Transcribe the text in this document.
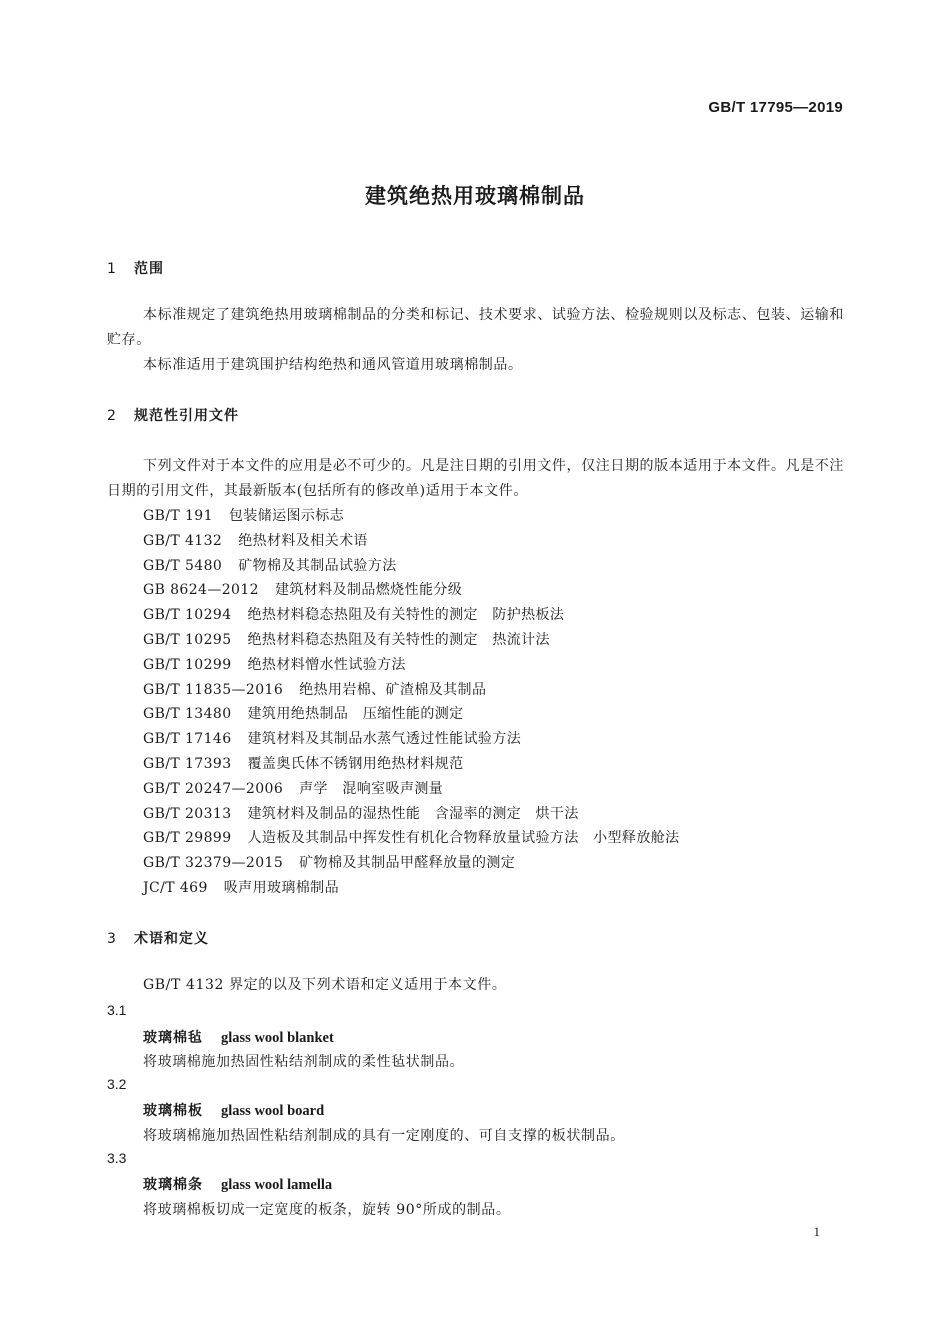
GB/T 17795—2019
建筑绝热用玻璃棉制品
1 范围
本标准规定了建筑绝热用玻璃棉制品的分类和标记、技术要求、试验方法、检验规则以及标志、包装、运输和贮存。
本标准适用于建筑围护结构绝热和通风管道用玻璃棉制品。
2 规范性引用文件
下列文件对于本文件的应用是必不可少的。凡是注日期的引用文件，仅注日期的版本适用于本文件。凡是不注日期的引用文件，其最新版本(包括所有的修改单)适用于本文件。
GB/T 191 包装储运图示标志
GB/T 4132 绝热材料及相关术语
GB/T 5480 矿物棉及其制品试验方法
GB 8624—2012 建筑材料及制品燃烧性能分级
GB/T 10294 绝热材料稳态热阻及有关特性的测定　防护热板法
GB/T 10295 绝热材料稳态热阻及有关特性的测定　热流计法
GB/T 10299 绝热材料憎水性试验方法
GB/T 11835—2016 绝热用岩棉、矿渣棉及其制品
GB/T 13480 建筑用绝热制品　压缩性能的测定
GB/T 17146 建筑材料及其制品水蒸气透过性能试验方法
GB/T 17393 覆盖奥氏体不锈钢用绝热材料规范
GB/T 20247—2006 声学　混响室吸声测量
GB/T 20313 建筑材料及制品的湿热性能　含湿率的测定　烘干法
GB/T 29899 人造板及其制品中挥发性有机化合物释放量试验方法　小型释放舱法
GB/T 32379—2015 矿物棉及其制品甲醛释放量的测定
JC/T 469 吸声用玻璃棉制品
3 术语和定义
GB/T 4132 界定的以及下列术语和定义适用于本文件。
3.1
玻璃棉毡 glass wool blanket
将玻璃棉施加热固性粘结剂制成的柔性毡状制品。
3.2
玻璃棉板 glass wool board
将玻璃棉施加热固性粘结剂制成的具有一定刚度的、可自支撑的板状制品。
3.3
玻璃棉条 glass wool lamella
将玻璃棉板切成一定宽度的板条，旋转 90°所成的制品。
1
